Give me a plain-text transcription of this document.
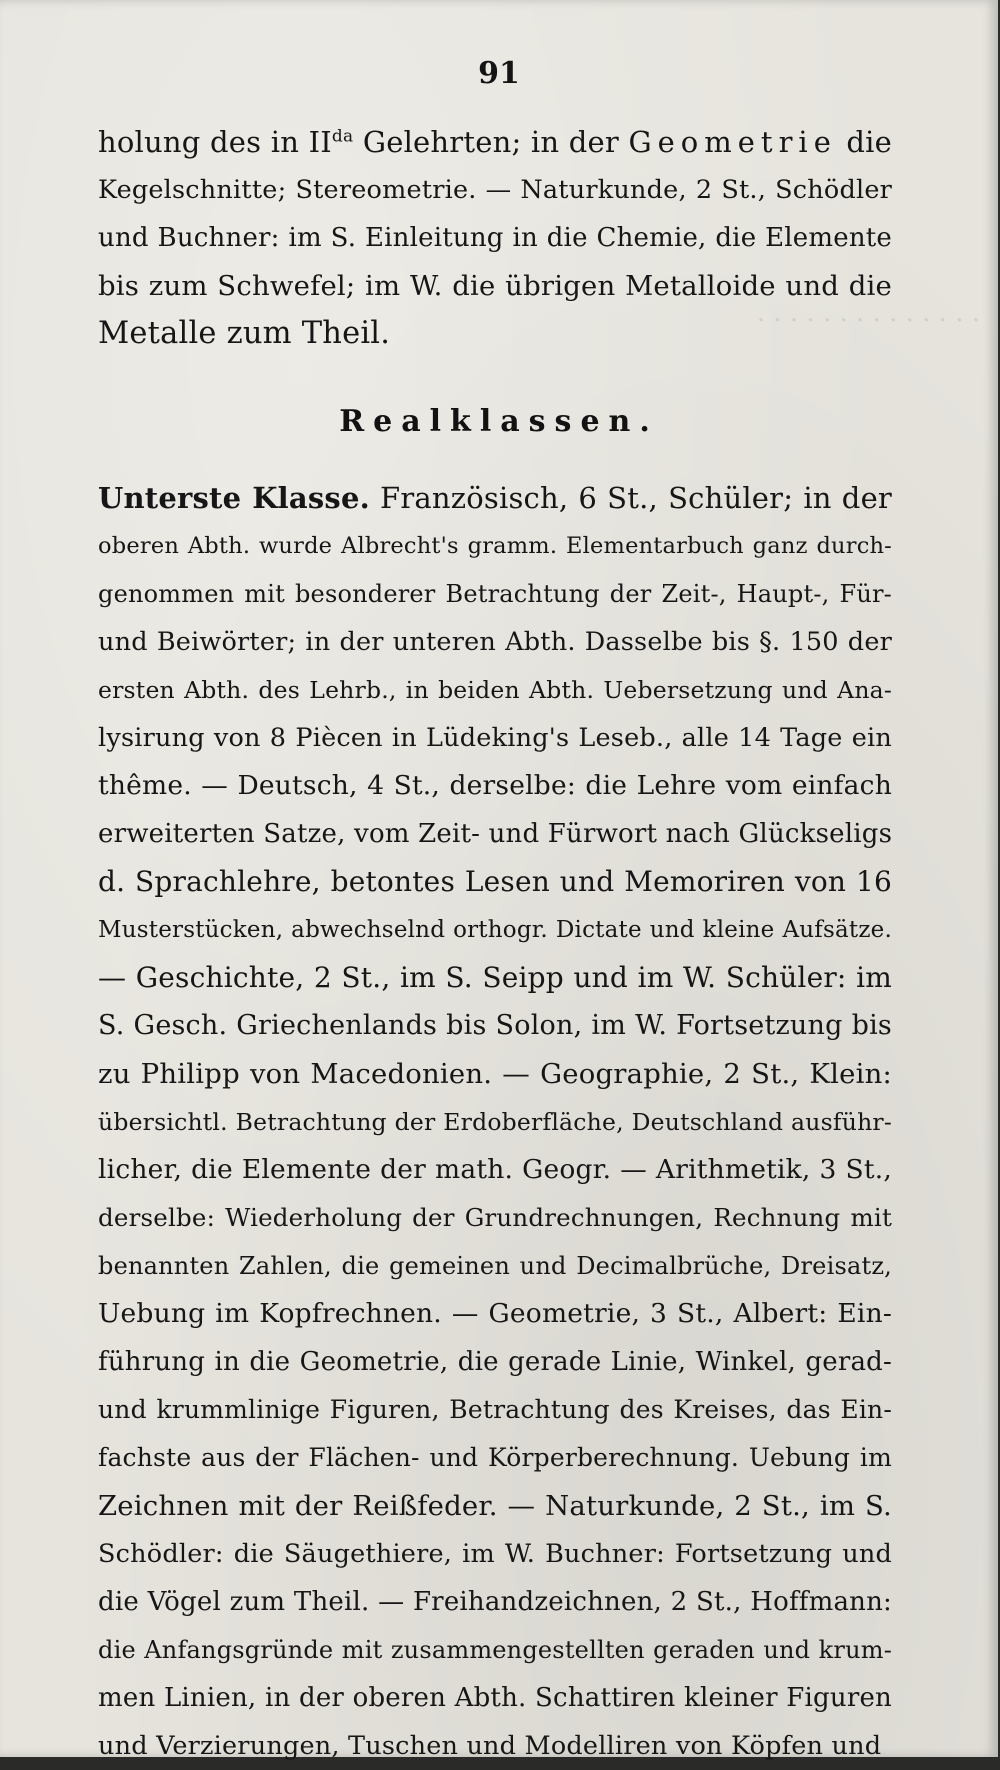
· · · · · · · · · · · · · ·
91
holung des in $II^{da}$ Gelehrten; in der Geometrie die
Kegelschnitte; Stereometrie. — Naturkunde, 2 St., Schödler
und Buchner: im S. Einleitung in die Chemie, die Elemente
bis zum Schwefel; im W. die übrigen Metalloide und die
Metalle zum Theil.
Realklassen.
Unterste Klasse. Französisch, 6 St., Schüler; in der
oberen Abth. wurde Albrecht's gramm. Elementarbuch ganz durch-
genommen mit besonderer Betrachtung der Zeit-, Haupt-, Für-
und Beiwörter; in der unteren Abth. Dasselbe bis §. 150 der
ersten Abth. des Lehrb., in beiden Abth. Uebersetzung und Ana-
lysirung von 8 Piècen in Lüdeking's Leseb., alle 14 Tage ein
thême. — Deutsch, 4 St., derselbe: die Lehre vom einfach
erweiterten Satze, vom Zeit- und Fürwort nach Glückseligs
d. Sprachlehre, betontes Lesen und Memoriren von 16
Musterstücken, abwechselnd orthogr. Dictate und kleine Aufsätze.
— Geschichte, 2 St., im S. Seipp und im W. Schüler: im
S. Gesch. Griechenlands bis Solon, im W. Fortsetzung bis
zu Philipp von Macedonien. — Geographie, 2 St., Klein:
übersichtl. Betrachtung der Erdoberfläche, Deutschland ausführ-
licher, die Elemente der math. Geogr. — Arithmetik, 3 St.,
derselbe: Wiederholung der Grundrechnungen, Rechnung mit
benannten Zahlen, die gemeinen und Decimalbrüche, Dreisatz,
Uebung im Kopfrechnen. — Geometrie, 3 St., Albert: Ein-
führung in die Geometrie, die gerade Linie, Winkel, gerad-
und krummlinige Figuren, Betrachtung des Kreises, das Ein-
fachste aus der Flächen- und Körperberechnung. Uebung im
Zeichnen mit der Reißfeder. — Naturkunde, 2 St., im S.
Schödler: die Säugethiere, im W. Buchner: Fortsetzung und
die Vögel zum Theil. — Freihandzeichnen, 2 St., Hoffmann:
die Anfangsgründe mit zusammengestellten geraden und krum-
men Linien, in der oberen Abth. Schattiren kleiner Figuren
und Verzierungen, Tuschen und Modelliren von Köpfen und
